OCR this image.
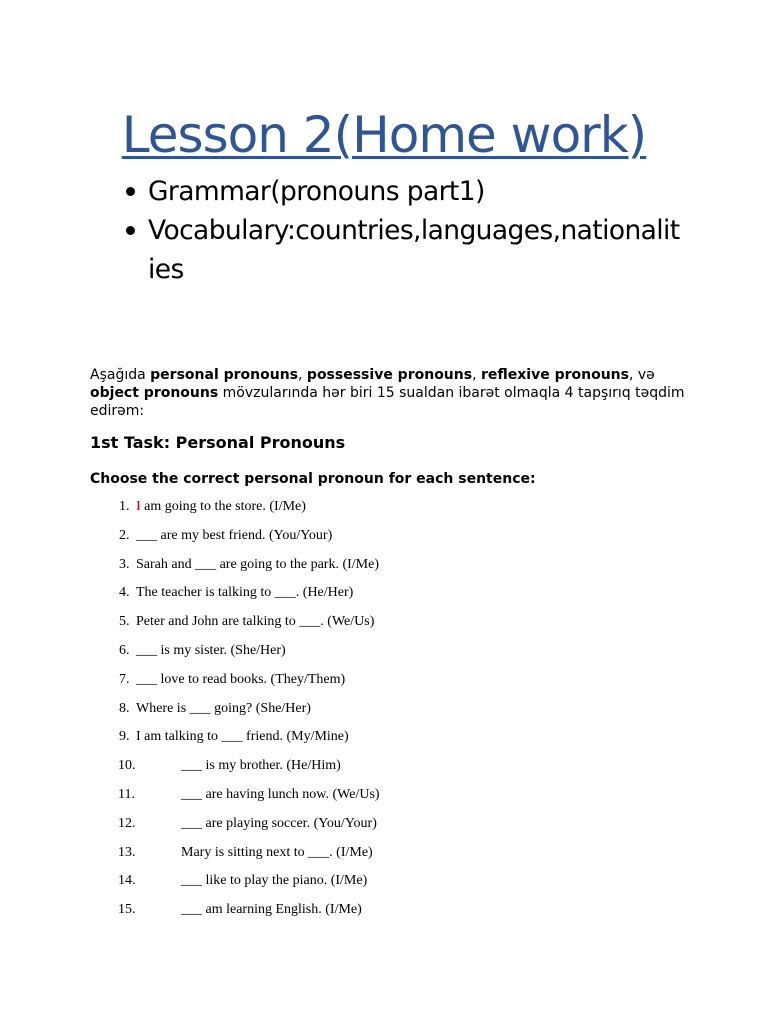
Lesson 2(Home work)
Grammar(pronouns part1)
Vocabulary:countries,languages,nationalities
Aşağıda personal pronouns, possessive pronouns, reflexive pronouns, və object pronouns mövzularında hər biri 15 sualdan ibarət olmaqla 4 tapşırıq təqdim edirəm:
1st Task: Personal Pronouns
Choose the correct personal pronoun for each sentence:
1. I am going to the store. (I/Me)
2. ___ are my best friend. (You/Your)
3. Sarah and ___ are going to the park. (I/Me)
4. The teacher is talking to ___. (He/Her)
5. Peter and John are talking to ___. (We/Us)
6. ___ is my sister. (She/Her)
7. ___ love to read books. (They/Them)
8. Where is ___ going? (She/Her)
9. I am talking to ___ friend. (My/Mine)
10.	___ is my brother. (He/Him)
11.	___ are having lunch now. (We/Us)
12.	___ are playing soccer. (You/Your)
13.	Mary is sitting next to ___. (I/Me)
14.	___ like to play the piano. (I/Me)
15.	___ am learning English. (I/Me)
